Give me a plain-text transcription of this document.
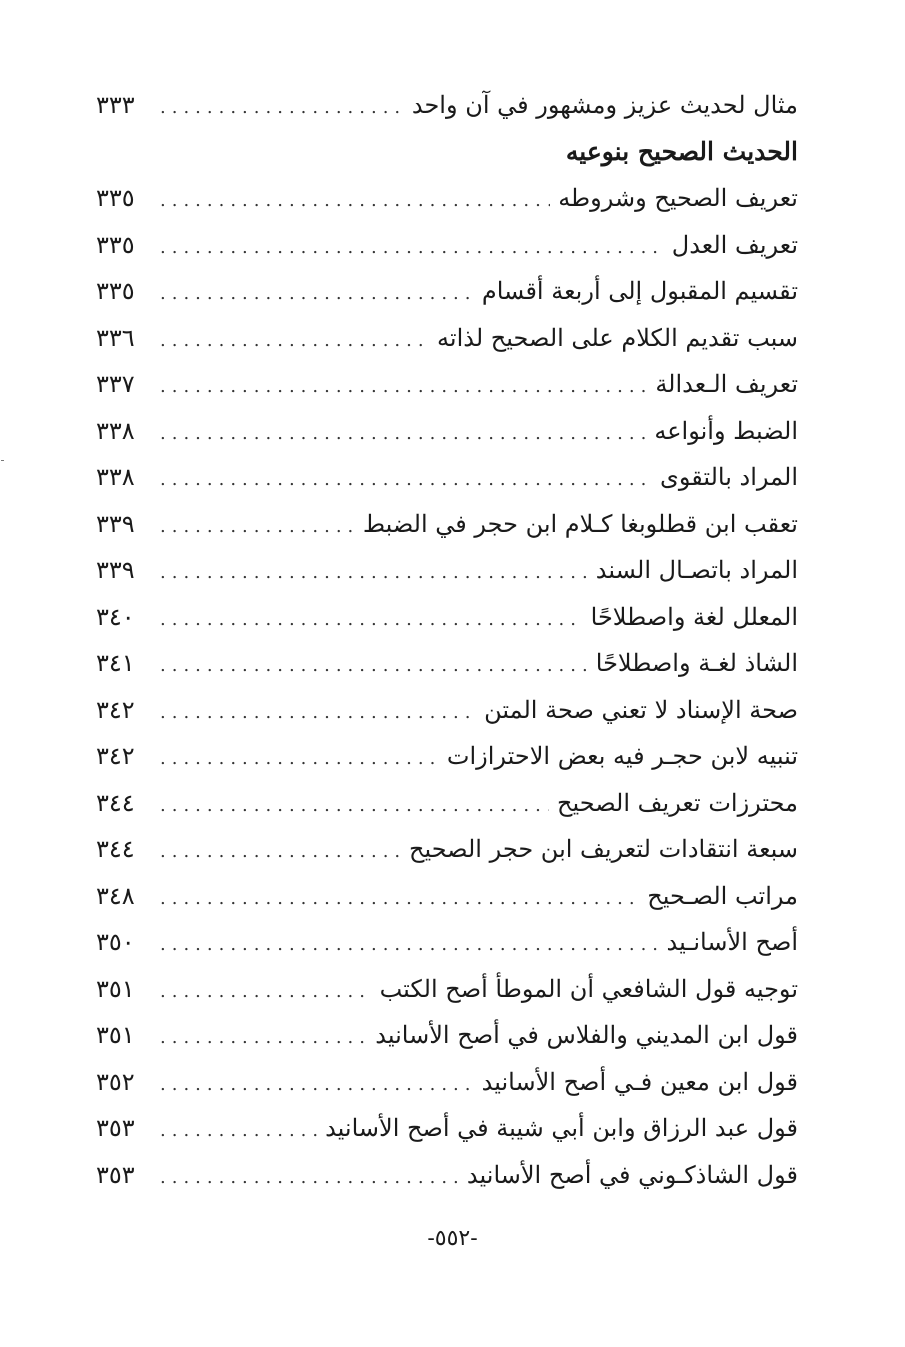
مثال لحديث عزيز ومشهور في آن واحد
.....
٣٣٣
الحديث الصحيح بنوعيه
تعريف الصحيح وشروطه
.....
٣٣٥
تعريف العدل
.....
٣٣٥
تقسيم المقبول إلى أربعة أقسام
.....
٣٣٥
سبب تقديم الكلام على الصحيح لذاته
.....
٣٣٦
تعريف الـعدالة
.....
٣٣٧
الضبط وأنواعه
.....
٣٣٨
المراد بالتقوى
.....
٣٣٨
تعقب ابن قطلوبغا كـلام ابن حجر في الضبط
.....
٣٣٩
المراد باتصـال السند
.....
٣٣٩
المعلل لغة واصطلاحًا
.....
٣٤٠
الشاذ لغـة واصطلاحًا
.....
٣٤١
صحة الإسناد لا تعني صحة المتن
.....
٣٤٢
تنبيه لابن حجـر فيه بعض الاحترازات
.....
٣٤٢
محترزات تعريف الصحيح
.....
٣٤٤
سبعة انتقادات لتعريف ابن حجر الصحيح
.....
٣٤٤
مراتب الصـحيح
.....
٣٤٨
أصح الأسانـيد
.....
٣٥٠
توجيه قول الشافعي أن الموطأ أصح الكتب
.....
٣٥١
قول ابن المديني والفلاس في أصح الأسانيد
.....
٣٥١
قول ابن معين فـي أصح الأسانيد
.....
٣٥٢
قول عبد الرزاق وابن أبي شيبة في أصح الأسانيد
.....
٣٥٣
قول الشاذكـوني في أصح الأسانيد
.....
٣٥٣
-٥٥٢-
